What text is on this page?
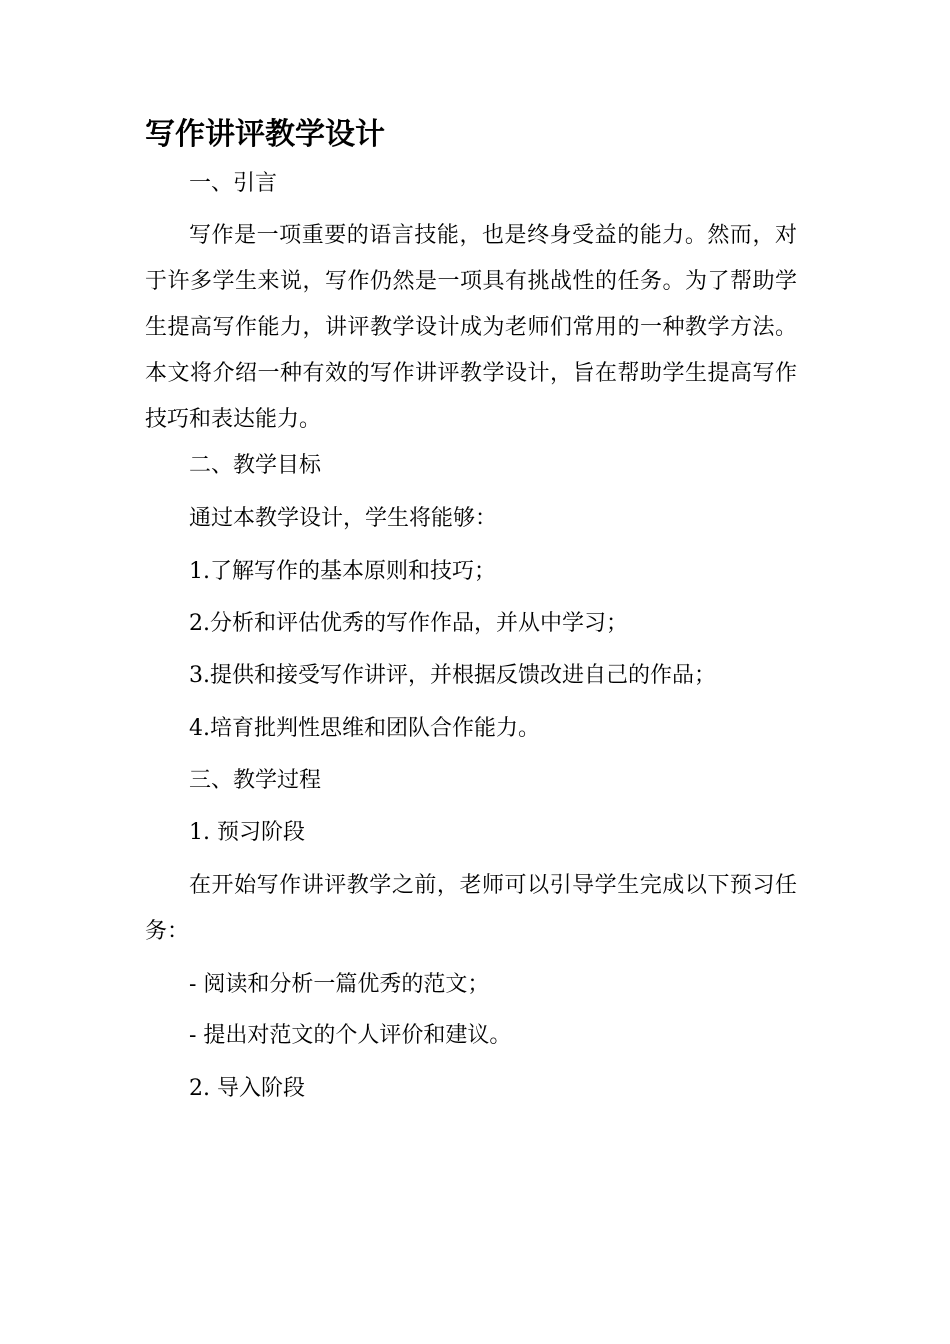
写作讲评教学设计
一、引言
写作是一项重要的语言技能，也是终身受益的能力。然而，对于许多学生来说，写作仍然是一项具有挑战性的任务。为了帮助学生提高写作能力，讲评教学设计成为老师们常用的一种教学方法。本文将介绍一种有效的写作讲评教学设计，旨在帮助学生提高写作技巧和表达能力。
二、教学目标
通过本教学设计，学生将能够：
1.了解写作的基本原则和技巧；
2.分析和评估优秀的写作作品，并从中学习；
3.提供和接受写作讲评，并根据反馈改进自己的作品；
4.培育批判性思维和团队合作能力。
三、教学过程
1. 预习阶段
在开始写作讲评教学之前，老师可以引导学生完成以下预习任务：
- 阅读和分析一篇优秀的范文；
- 提出对范文的个人评价和建议。
2. 导入阶段
